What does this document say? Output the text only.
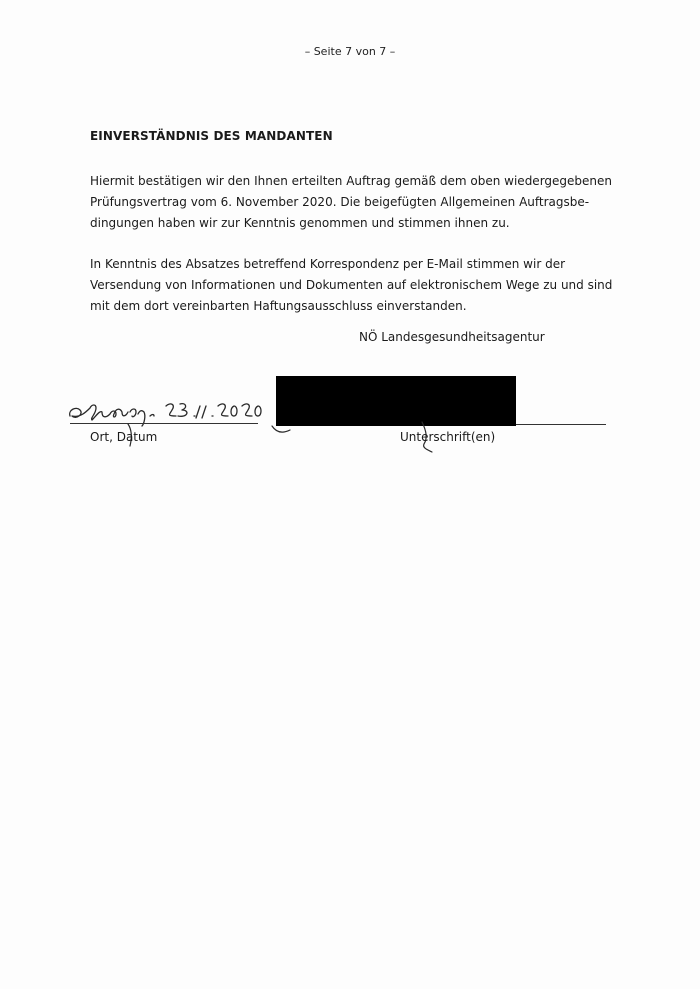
– Seite 7 von 7 –
EINVERSTÄNDNIS DES MANDANTEN
Hiermit bestätigen wir den Ihnen erteilten Auftrag gemäß dem oben wiedergegebenen
Prüfungsvertrag vom 6. November 2020. Die beigefügten Allgemeinen Auftragsbe-
dingungen haben wir zur Kenntnis genommen und stimmen ihnen zu.
In Kenntnis des Absatzes betreffend Korrespondenz per E-Mail stimmen wir der
Versendung von Informationen und Dokumenten auf elektronischem Wege zu und sind
mit dem dort vereinbarten Haftungsausschluss einverstanden.
NÖ Landesgesundheitsagentur
Ort, Datum	Unterschrift(en)
